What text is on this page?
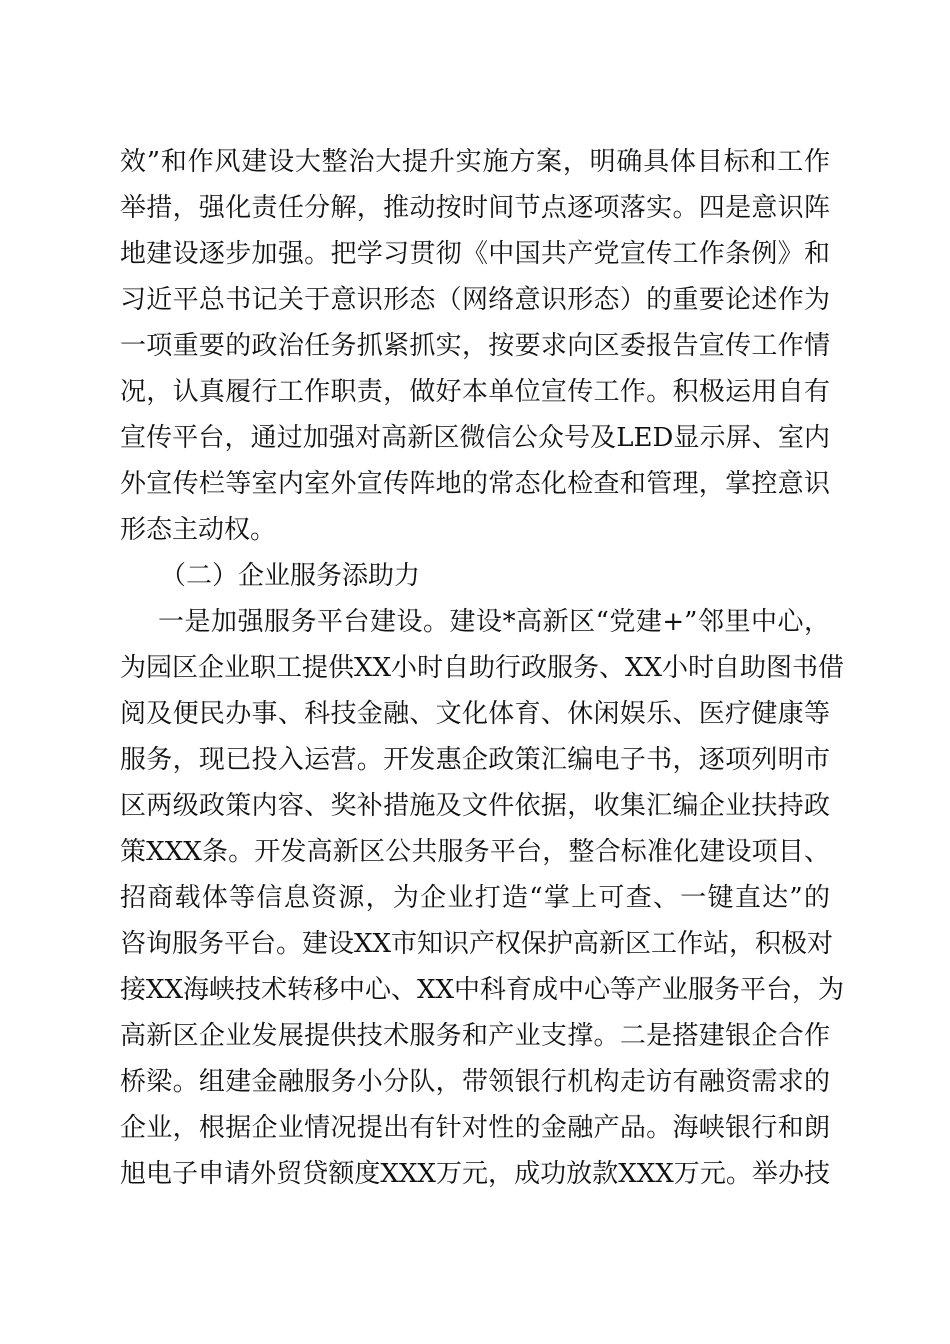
效”和作风建设大整治大提升实施方案，明确具体目标和工作
举措，强化责任分解，推动按时间节点逐项落实。四是意识阵
地建设逐步加强。把学习贯彻《中国共产党宣传工作条例》和
习近平总书记关于意识形态（网络意识形态）的重要论述作为
一项重要的政治任务抓紧抓实，按要求向区委报告宣传工作情
况，认真履行工作职责，做好本单位宣传工作。积极运用自有
宣传平台，通过加强对高新区微信公众号及LED显示屏、室内
外宣传栏等室内室外宣传阵地的常态化检查和管理，掌控意识
形态主动权。
（二）企业服务添助力
一是加强服务平台建设。建设*高新区“党建+”邻里中心，
为园区企业职工提供XX小时自助行政服务、XX小时自助图书借
阅及便民办事、科技金融、文化体育、休闲娱乐、医疗健康等
服务，现已投入运营。开发惠企政策汇编电子书，逐项列明市
区两级政策内容、奖补措施及文件依据，收集汇编企业扶持政
策XXX条。开发高新区公共服务平台，整合标准化建设项目、
招商载体等信息资源，为企业打造“掌上可查、一键直达”的
咨询服务平台。建设XX市知识产权保护高新区工作站，积极对
接XX海峡技术转移中心、XX中科育成中心等产业服务平台，为
高新区企业发展提供技术服务和产业支撑。二是搭建银企合作
桥梁。组建金融服务小分队，带领银行机构走访有融资需求的
企业，根据企业情况提出有针对性的金融产品。海峡银行和朗
旭电子申请外贸贷额度XXX万元，成功放款XXX万元。举办技
